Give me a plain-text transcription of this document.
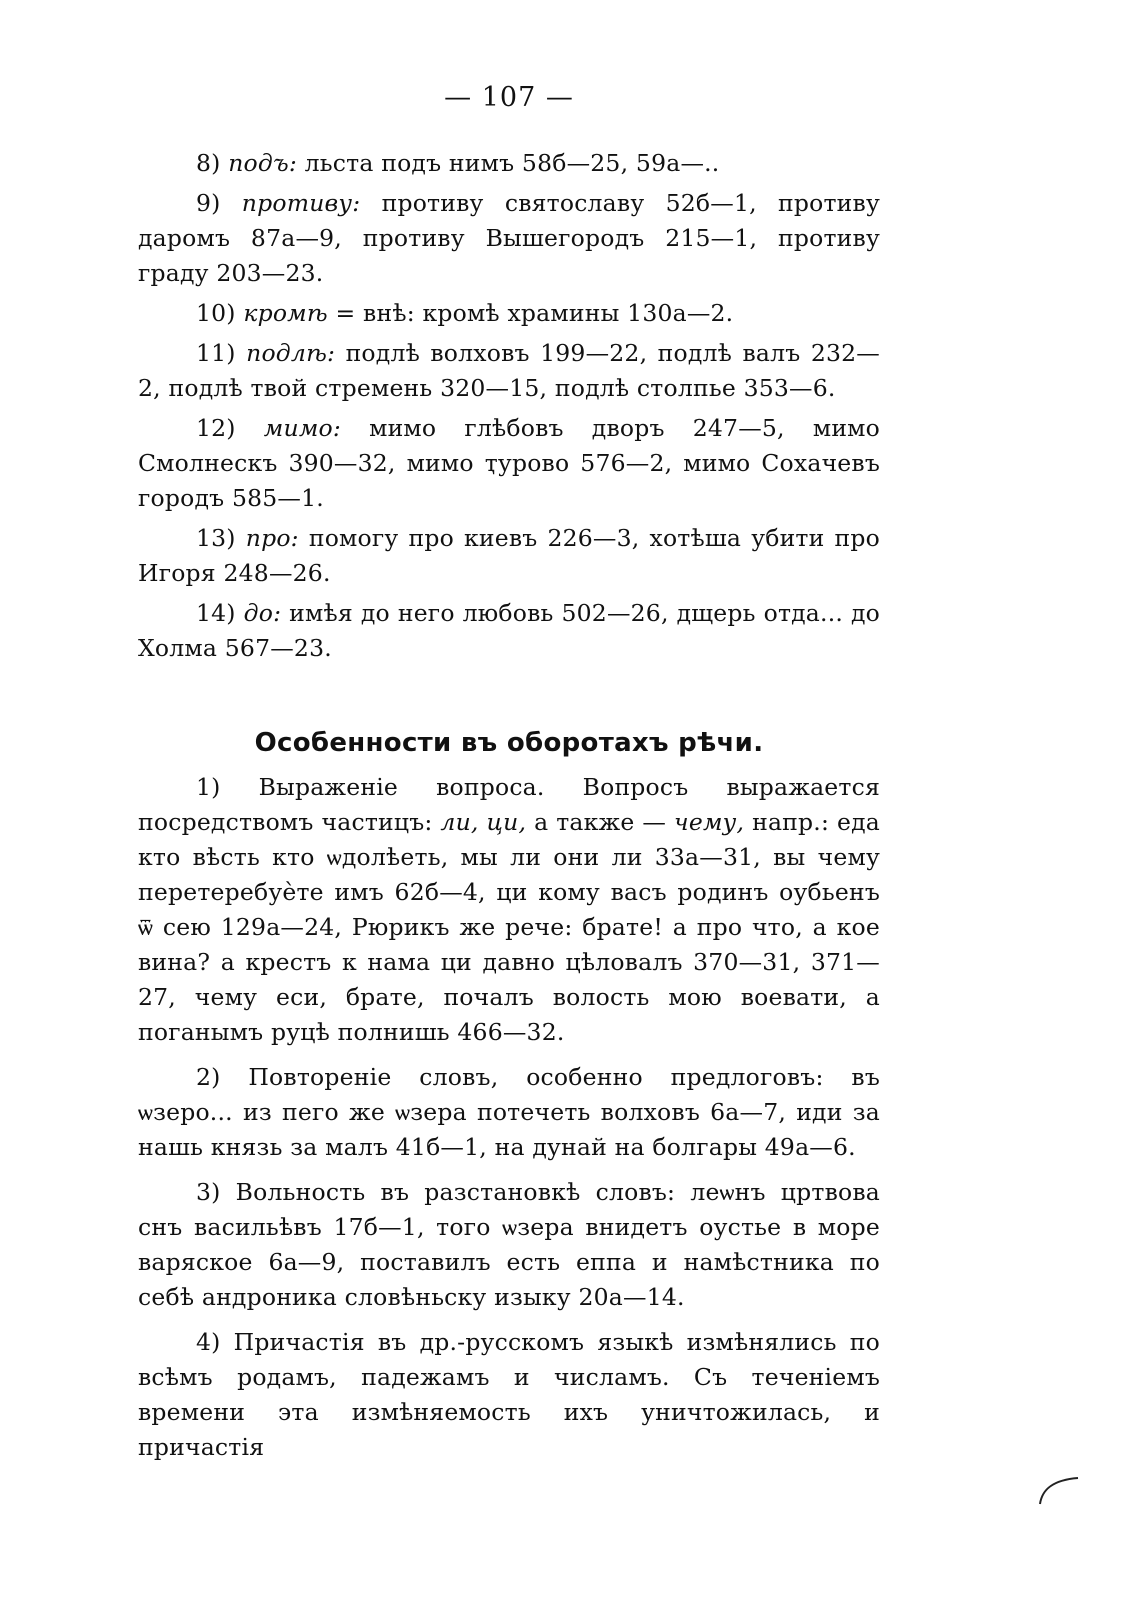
— 107 —

8) подъ: льста подъ нимъ 58б—25, 59а—..

9) противу: противу святославу 52б—1, противу даромъ 87а—9, противу Вышегородъ 215—1, противу граду 203—23.

10) кромѣ = внѣ: кромѣ храмины 130а—2.

11) подлѣ: подлѣ волховъ 199—22, подлѣ валъ 232—2, подлѣ твой стремень 320—15, подлѣ столпье 353—6.

12) мимо: мимо глѣбовъ дворъ 247—5, мимо Смолнескъ 390—32, мимо ҭурово 576—2, мимо Сохачевъ городъ 585—1.

13) про: помогу про киевъ 226—3, хотѣша убити про Игоря 248—26.

14) до: имѣя до него любовь 502—26, дщерь отда... до Холма 567—23.

Особенности въ оборотахъ рѣчи.

1) Выраженіе вопроса. Вопросъ выражается посредствомъ частицъ: ли, ци, а также — чему, напр.: еда кто вѣсть кто ѡдолѣеть, мы ли они ли 33а—31, вы чему перетеребуѐте имъ 62б—4, ци кому васъ родинъ оубьенъ ѿ сею 129а—24, Рюрикъ же рече: брате! а про что, а кое вина? а крестъ к нама ци давно цѣловалъ 370—31, 371—27, чему еси, брате, почалъ волость мою воевати, а поганымъ руцѣ полнишь 466—32.

2) Повтореніе словъ, особенно предлоговъ: въ ѡзеро... из пего же ѡзера потечеть волховъ 6а—7, иди за нашь князь за малъ 41б—1, на дунай на болгары 49а—6.

3) Вольность въ разстановкѣ словъ: леѡнъ цртвова снъ васильѣвъ 17б—1, того ѡзера внидетъ оустье в море варяское 6а—9, поставилъ есть еппа и намѣстника по себѣ андроника словѣньску изыку 20а—14.

4) Причастія въ др.-русскомъ языкѣ измѣнялись по всѣмъ родамъ, падежамъ и числамъ. Съ теченіемъ времени эта измѣняемость ихъ уничтожилась, и причастія
